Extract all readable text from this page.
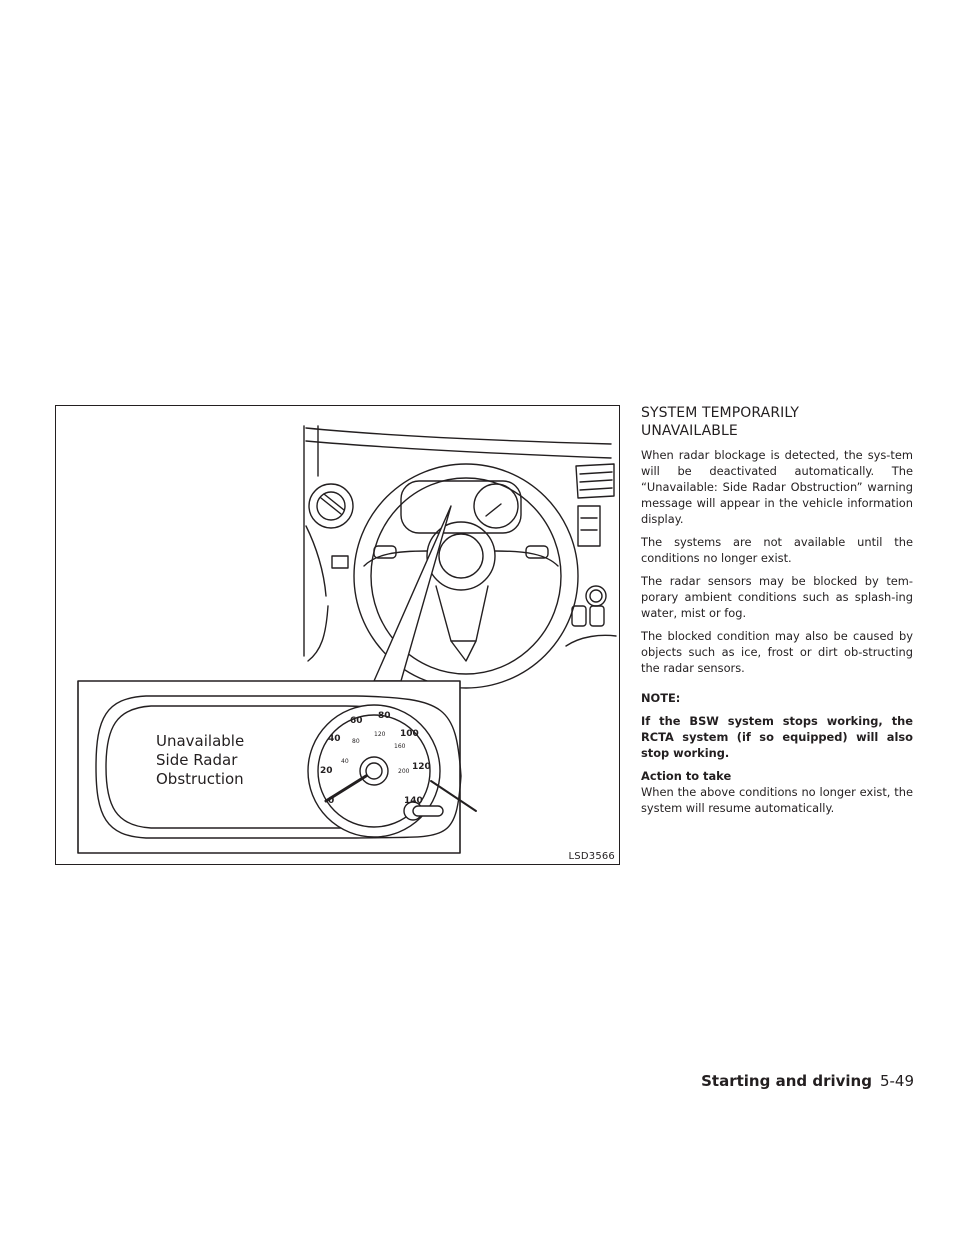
0
20
40
60 80
100
120
140
40
80
120
160
200
Unavailable
Side Radar
Obstruction
LSD3566
SYSTEM TEMPORARILY
UNAVAILABLE

When radar blockage is detected, the sys-tem will be deactivated automatically. The “Unavailable: Side Radar Obstruction” warning message will appear in the vehicle information display.

The systems are not available until the conditions no longer exist.

The radar sensors may be blocked by tem-porary ambient conditions such as splash-ing water, mist or fog.

The blocked condition may also be caused by objects such as ice, frost or dirt ob-structing the radar sensors.

NOTE:

If the BSW system stops working, the RCTA system (if so equipped) will also stop working.

Action to take

When the above conditions no longer exist, the system will resume automatically.

Starting and driving 5-49
